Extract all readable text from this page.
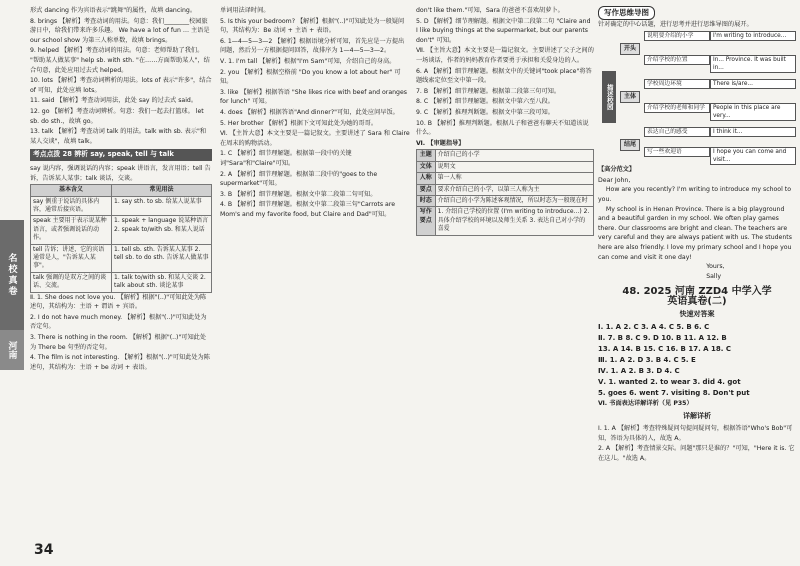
名校真卷
河南

形式 dancing 作为宾语表示"跳舞"的属性，故填 dancing。

8. brings 【解析】考查动词的用法。句意：我们________校园旅游日中，给我们带来许多乐趣。 We have a lot of fun … 主语是 our school show 为第三人称单数，故填 brings。

9. helped 【解析】考查动词的用法。句意：老师帮助了我们。 "帮助某人做某事" help sb. with sth. "在……方面帮助某人"，结合句意，此处应用过去式 helped。

10. lots 【解析】考查动词辨析的用法。lots of 表示"许多"，结合 of 可知，此处应填 lots。

11. said 【解析】考查动词用法，此处 say 的过去式 said。

12. go 【解析】考查动词辨析。句意：我们一起去打篮球。 let sb. do sth.，故填 go。

13. talk 【解析】考查动词 talk 的用法。talk with sb. 表示"和某人交谈"，故填 talk。

考点点拨 28 辨析 say, speak, tell 与 talk

say 说内容，强调说话的内容；speak 讲语言，发言用语；tell 告诉，告诉某人某事；talk 谈话，交谈。

基本含义	常见用法
say 侧重于说话的具体内容，通常后接宾语。	1. say sth. to sb. 给某人说某事
speak 主要用于表示说某种语言，或者强调说话的动作。	1. speak + language 说某种语言 2. speak to/with sb. 和某人说话
tell 告诉；讲述，它的宾语通常是人，"告诉某人某事"。	1. tell sb. sth. 告诉某人某事 2. tell sb. to do sth. 告诉某人做某事
talk 强调的是双方之间的谈话、交流。	1. talk to/with sb. 和某人交谈 2. talk about sth. 谈论某事

Ⅱ. 1. She does not love you. 【解析】根据"(..)"可知此处为陈述句，其结构为：主语 + 谓语 + 宾语。

2. I do not have much money. 【解析】根据"(..)"可知此处为否定句。

3. There is nothing in the room. 【解析】根据"(..)"可知此处为 There be 句型的否定句。

4. The film is not interesting. 【解析】根据"(..)"可知此处为陈述句，其结构为：主语 + be 动词 + 表语。

34

单词用法译时间。

5. Is this your bedroom? 【解析】根据"(..)"可知此处为一般疑问句，其结构为：Be 动词 + 主语 + 表语。

6. 1—4—5—3—2 【解析】根据语境分析可知，首先应是一方提出问题，然后另一方根据提问回答，故排序为 1—4—5—3—2。

Ⅴ. 1. I'm tall 【解析】根据"I'm Sam"可知，介绍自己的身高。

2. you 【解析】根据空格前 "Do you know a lot about her" 可知。

3. like 【解析】根据答语 "She likes rice with beef and oranges for lunch" 可知。

4. does 【解析】根据答语"And dinner?"可知，此处应问早饭。

5. Her brother 【解析】根据下文可知此处为她的哥哥。

Ⅵ. 【主旨大意】本文主要是一篇记叙文。主要讲述了 Sara 和 Claire 在周末的购物活动。

1. C 【解析】细节理解题。根据第一段中的关键词"Sara"和"Claire"可知。

2. A 【解析】细节理解题。根据第二段中的"goes to the supermarket"可知。

3. B 【解析】细节理解题。根据文中第二段第二句可知。

4. B 【解析】细节理解题。根据文中第二段第三句"Carrots are Mom's and my favorite food, but Claire and Dad"可知。

don't like them."可知，Sara 的爸爸不喜欢胡萝卜。

5. D 【解析】细节理解题。根据文中第二段第二句 "Claire and I like buying things at the supermarket, but our parents don't" 可知。

Ⅶ. 【主旨大意】本文主要是一篇记叙文。主要讲述了父子之间的一场谈话，作者的妈妈教育作者要勇于承担和关爱身边的人。

6. A 【解析】细节理解题。根据文中的关键词"took place"将答题线索定位至文中第一段。

7. B 【解析】细节理解题。根据第二段第三句可知。

8. C 【解析】细节理解题。根据文中第六至八段。

9. C 【解析】推理判断题。根据文中第三段可知。

10. B 【解析】推理判断题。根据儿子和爸爸有聊天不知道该说什么。

Ⅵ. 【审题指导】

主题	介绍自己的小学
文体	说明文
人称	第一人称
要点	要求介绍自己的小学，以第三人称为主
时态	介绍自己的小学为陈述客观情况，所以时态为一般现在时
写作要点	1. 介绍自己学校的位置 (I'm writing to introduce...) 2. 具体介绍学校的环境以及师生关系 3. 表达自己对小学的喜爱
写作思维导图

针对确定的中心话题，进行思考并进行思维导图的展开。

描述校园
开头
主体
结尾
说明要介绍的小学	I'm writing to introduce...
介绍学校的位置	In... Province. It was built in...
学校周边环境	There is/are...
介绍学校的老师和同学	People in this place are very...
表达自己的感受	I think it...
写一些欢迎语	I hope you can come and visit...

【高分范文】

Dear John,
How are you recently? I'm writing to introduce my school to you.
My school is in Henan Province. There is a big playground and a beautiful garden in my school. We often play games there. Our classrooms are bright and clean. The teachers are very careful and they are always patient with us. The students here are also friendly. I love my primary school and I hope you can come and visit it one day!
Yours,
Sally

48. 2025 河南 ZZD4 中学入学
英语真卷(二)
快速对答案
Ⅰ. 1. A 2. C 3. A 4. C 5. B 6. C
Ⅱ. 7. B 8. C 9. D 10. B 11. A 12. B
13. A 14. B 15. C 16. B 17. A 18. C
Ⅲ. 1. A 2. D 3. B 4. C 5. E
Ⅳ. 1. A 2. B 3. D 4. C
Ⅴ. 1. wanted 2. to wear 3. did 4. got
5. goes 6. went 7. visiting 8. Don't put

Ⅵ. 书面表达详解详析（见 P35）

详解详析

Ⅰ. 1. A 【解析】考查特殊疑问句提问疑问句，根据答语"Who's Bob"可知，答语为具体的人，故选 A。

2. A 【解析】考查情景交际。问题"那只是谁的？"可知，"Here it is. 它在这儿。"故选 A。
